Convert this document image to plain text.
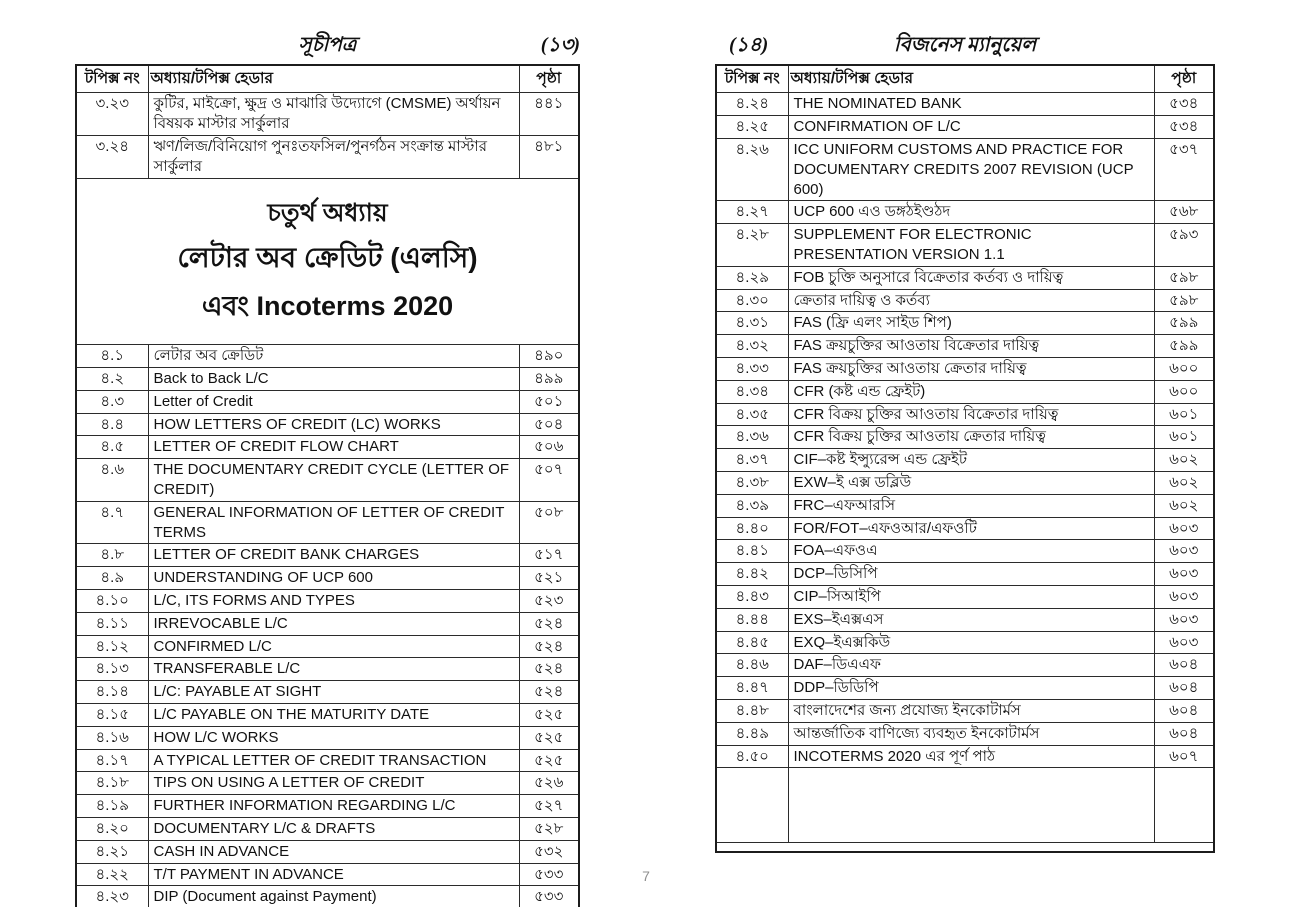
সূচীপত্র	(১৩)
টপিক্স নং	অধ্যায়/টপিক্স হেডার	পৃষ্ঠা
৩.২৩	কুটির, মাইক্রো, ক্ষুদ্র ও মাঝারি উদ্যোগে (CMSME) অর্থায়ন বিষয়ক মাস্টার সার্কুলার	৪৪১
৩.২৪	ঋণ/লিজ/বিনিয়োগ পুনঃতফসিল/পুনর্গঠন সংক্রান্ত মাস্টার সার্কুলার	৪৮১

চতুর্থ অধ্যায়
লেটার অব ক্রেডিট (এলসি)
এবং Incoterms 2020		

৪.১	লেটার অব ক্রেডিট	৪৯০
৪.২	Back to Back L/C	৪৯৯
৪.৩	Letter of Credit	৫০১
৪.৪	HOW LETTERS OF CREDIT (LC) WORKS	৫০৪
৪.৫	LETTER OF CREDIT FLOW CHART	৫০৬
৪.৬	THE DOCUMENTARY CREDIT CYCLE (LETTER OF CREDIT)	৫০৭
৪.৭	GENERAL INFORMATION OF LETTER OF CREDIT TERMS	৫০৮
৪.৮	LETTER OF CREDIT BANK CHARGES	৫১৭
৪.৯	UNDERSTANDING OF UCP 600	৫২১
৪.১০	L/C, ITS FORMS AND TYPES	৫২৩
৪.১১	IRREVOCABLE L/C	৫২৪
৪.১২	CONFIRMED L/C	৫২৪
৪.১৩	TRANSFERABLE L/C	৫২৪
৪.১৪	L/C: PAYABLE AT SIGHT	৫২৪
৪.১৫	L/C PAYABLE ON THE MATURITY DATE	৫২৫
৪.১৬	HOW L/C WORKS	৫২৫
৪.১৭	A TYPICAL LETTER OF CREDIT TRANSACTION	৫২৫
৪.১৮	TIPS ON USING A LETTER OF CREDIT	৫২৬
৪.১৯	FURTHER INFORMATION REGARDING L/C	৫২৭
৪.২০	DOCUMENTARY L/C & DRAFTS	৫২৮
৪.২১	CASH IN ADVANCE	৫৩২
৪.২২	T/T PAYMENT IN ADVANCE	৫৩৩
৪.২৩	DIP (Document against Payment)	৫৩৩
(১৪)	বিজনেস ম্যানুয়েল
টপিক্স নং	অধ্যায়/টপিক্স হেডার	পৃষ্ঠা
৪.২৪	THE NOMINATED BANK	৫৩৪
৪.২৫	CONFIRMATION OF L/C	৫৩৪
৪.২৬	ICC UNIFORM CUSTOMS AND PRACTICE FOR DOCUMENTARY CREDITS 2007 REVISION (UCP 600)	৫৩৭
৪.২৭	UCP 600 এও ডঙ্গঠইণ্ডঠদ	৫৬৮
৪.২৮	SUPPLEMENT FOR ELECTRONIC PRESENTATION VERSION 1.1	৫৯৩
৪.২৯	FOB চুক্তি অনুসারে বিক্রেতার কর্তব্য ও দায়িত্ব	৫৯৮
৪.৩০	ক্রেতার দায়িত্ব ও কর্তব্য	৫৯৮
৪.৩১	FAS (ফ্রি এলং সাইড শিপ)	৫৯৯
৪.৩২	FAS ক্রয়চুক্তির আওতায় বিক্রেতার দায়িত্ব	৫৯৯
৪.৩৩	FAS ক্রয়চুক্তির আওতায় ক্রেতার দায়িত্ব	৬০০
৪.৩৪	CFR (কষ্ট এন্ড ফ্রেইট)	৬০০
৪.৩৫	CFR বিক্রয় চুক্তির আওতায় বিক্রেতার দায়িত্ব	৬০১
৪.৩৬	CFR বিক্রয় চুক্তির আওতায় ক্রেতার দায়িত্ব	৬০১
৪.৩৭	CIF–কষ্ট ইন্স্যুরেন্স এন্ড ফ্রেইট	৬০২
৪.৩৮	EXW–ই এক্স ডব্লিউ	৬০২
৪.৩৯	FRC–এফআরসি	৬০২
৪.৪০	FOR/FOT–এফওআর/এফওটি	৬০৩
৪.৪১	FOA–এফওএ	৬০৩
৪.৪২	DCP–ডিসিপি	৬০৩
৪.৪৩	CIP–সিআইপি	৬০৩
৪.৪৪	EXS–ইএক্সএস	৬০৩
৪.৪৫	EXQ–ইএক্সকিউ	৬০৩
৪.৪৬	DAF–ডিএএফ	৬০৪
৪.৪৭	DDP–ডিডিপি	৬০৪
৪.৪৮	বাংলাদেশের জন্য প্রযোজ্য ইনকোটার্মস	৬০৪
৪.৪৯	আন্তর্জাতিক বাণিজ্যে ব্যবহৃত ইনকোটার্মস	৬০৪
৪.৫০	INCOTERMS 2020 এর পূর্ণ পাঠ	৬০৭

7
